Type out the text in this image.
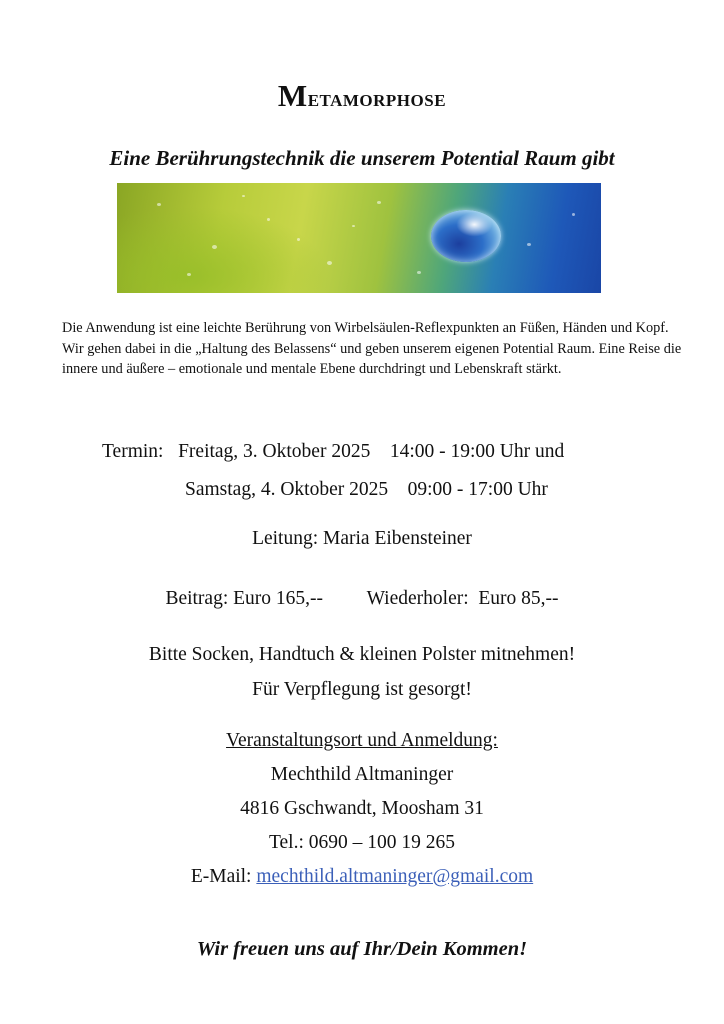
Metamorphose
Eine Berührungstechnik die unserem Potential Raum gibt
Die Anwendung ist eine leichte Berührung von Wirbelsäulen-Reflexpunkten an Füßen, Händen und Kopf. Wir gehen dabei in die „Haltung des Belassens“ und geben unserem eigenen Potential Raum. Eine Reise die innere und äußere – emotionale und mentale Ebene durchdringt und Lebenskraft stärkt.
Termin: Freitag, 3. Oktober 2025 14:00 - 19:00 Uhr und
Samstag, 4. Oktober 2025 09:00 - 17:00 Uhr
Leitung: Maria Eibensteiner
Beitrag: Euro 165,-- Wiederholer:  Euro 85,--
Bitte Socken, Handtuch & kleinen Polster mitnehmen!
Für Verpflegung ist gesorgt!
Veranstaltungsort und Anmeldung:
Mechthild Altmaninger
4816 Gschwandt, Moosham 31
Tel.: 0690 – 100 19 265
E-Mail: mechthild.altmaninger@gmail.com
Wir freuen uns auf Ihr/Dein Kommen!
